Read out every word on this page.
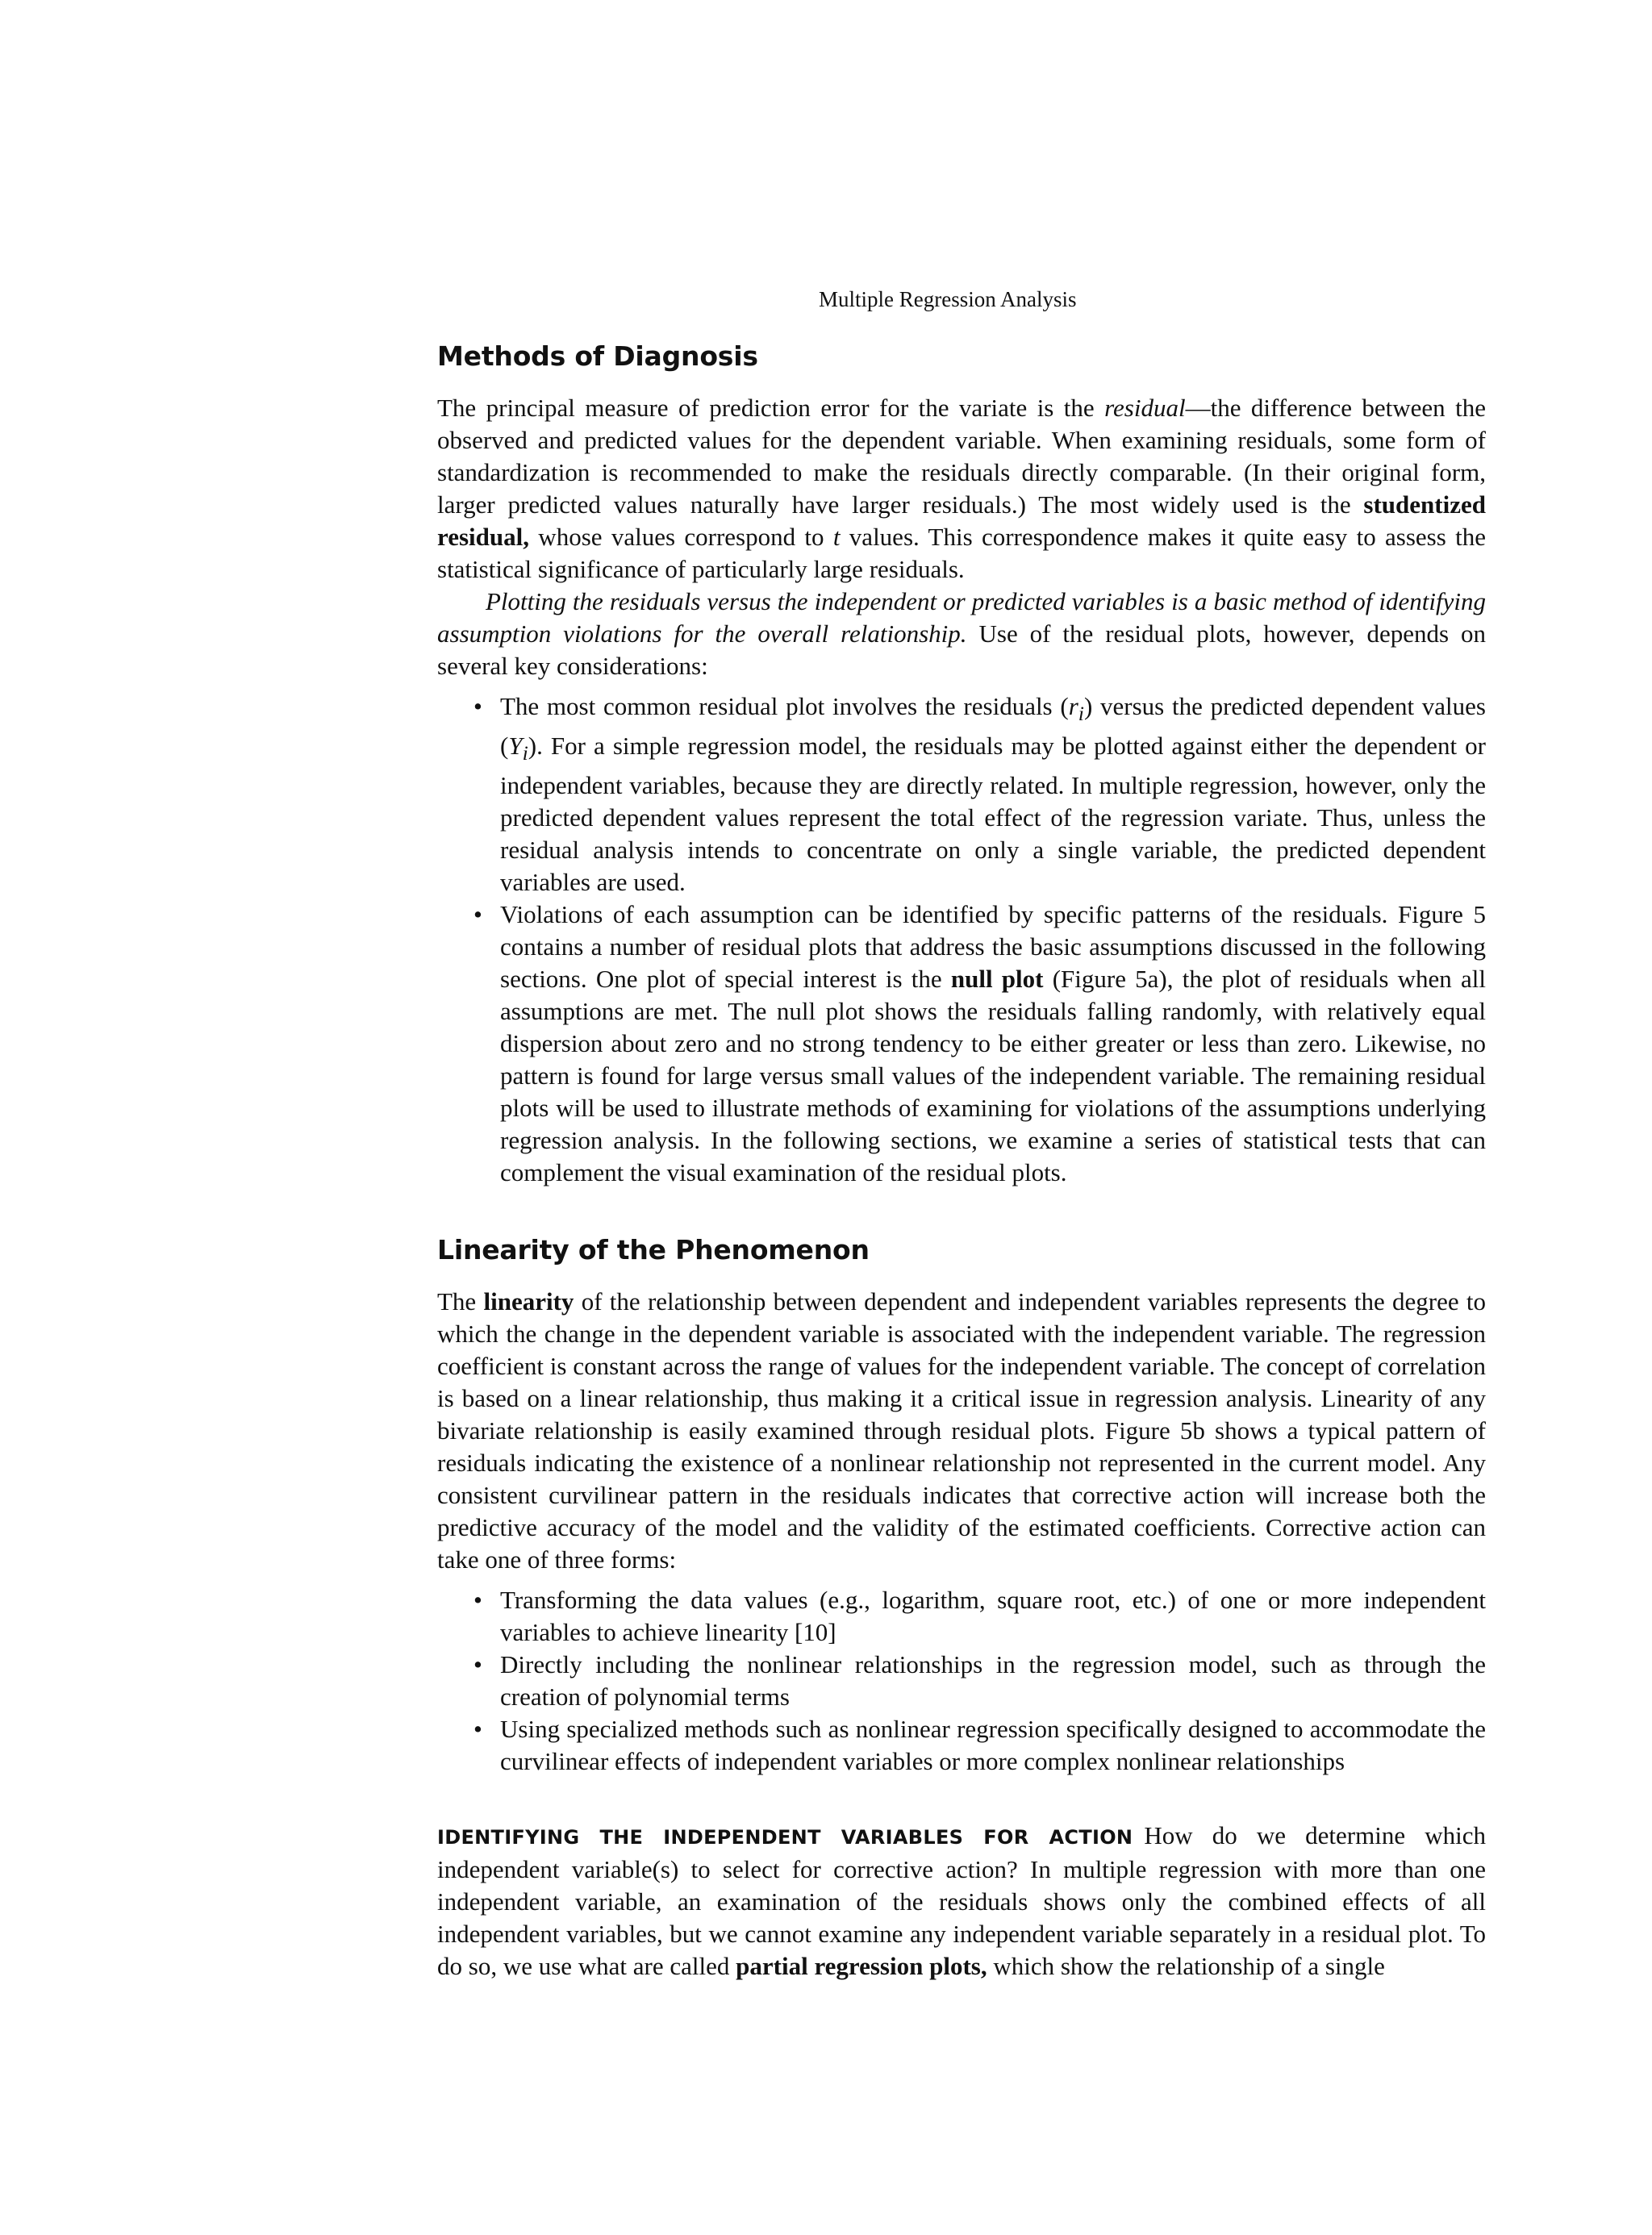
Multiple Regression Analysis
Methods of Diagnosis

The principal measure of prediction error for the variate is the residual—the difference between the observed and predicted values for the dependent variable. When examining residuals, some form of standardization is recommended to make the residuals directly comparable. (In their original form, larger predicted values naturally have larger residuals.) The most widely used is the studentized residual, whose values correspond to t values. This correspondence makes it quite easy to assess the statistical significance of particularly large residuals.

Plotting the residuals versus the independent or predicted variables is a basic method of identifying assumption violations for the overall relationship. Use of the residual plots, however, depends on several key considerations:

• The most common residual plot involves the residuals $(r_i)$ versus the predicted dependent values $(Y_i)$. For a simple regression model, the residuals may be plotted against either the dependent or independent variables, because they are directly related. In multiple regression, however, only the predicted dependent values represent the total effect of the regression variate. Thus, unless the residual analysis intends to concentrate on only a single variable, the predicted dependent variables are used.
• Violations of each assumption can be identified by specific patterns of the residuals. Figure 5 contains a number of residual plots that address the basic assumptions discussed in the following sections. One plot of special interest is the null plot (Figure 5a), the plot of residuals when all assumptions are met. The null plot shows the residuals falling randomly, with relatively equal dispersion about zero and no strong tendency to be either greater or less than zero. Likewise, no pattern is found for large versus small values of the independent variable. The remaining residual plots will be used to illustrate methods of examining for violations of the assumptions underlying regression analysis. In the following sections, we examine a series of statistical tests that can complement the visual examination of the residual plots.
Linearity of the Phenomenon

The linearity of the relationship between dependent and independent variables represents the degree to which the change in the dependent variable is associated with the independent variable. The regression coefficient is constant across the range of values for the independent variable. The concept of correlation is based on a linear relationship, thus making it a critical issue in regression analysis. Linearity of any bivariate relationship is easily examined through residual plots. Figure 5b shows a typical pattern of residuals indicating the existence of a nonlinear relationship not represented in the current model. Any consistent curvilinear pattern in the residuals indicates that corrective action will increase both the predictive accuracy of the model and the validity of the estimated coefficients. Corrective action can take one of three forms:

• Transforming the data values (e.g., logarithm, square root, etc.) of one or more independent variables to achieve linearity [10]
• Directly including the nonlinear relationships in the regression model, such as through the creation of polynomial terms
• Using specialized methods such as nonlinear regression specifically designed to accommodate the curvilinear effects of independent variables or more complex nonlinear relationships

IDENTIFYING THE INDEPENDENT VARIABLES FOR ACTION How do we determine which independent variable(s) to select for corrective action? In multiple regression with more than one independent variable, an examination of the residuals shows only the combined effects of all independent variables, but we cannot examine any independent variable separately in a residual plot. To do so, we use what are called partial regression plots, which show the relationship of a single
